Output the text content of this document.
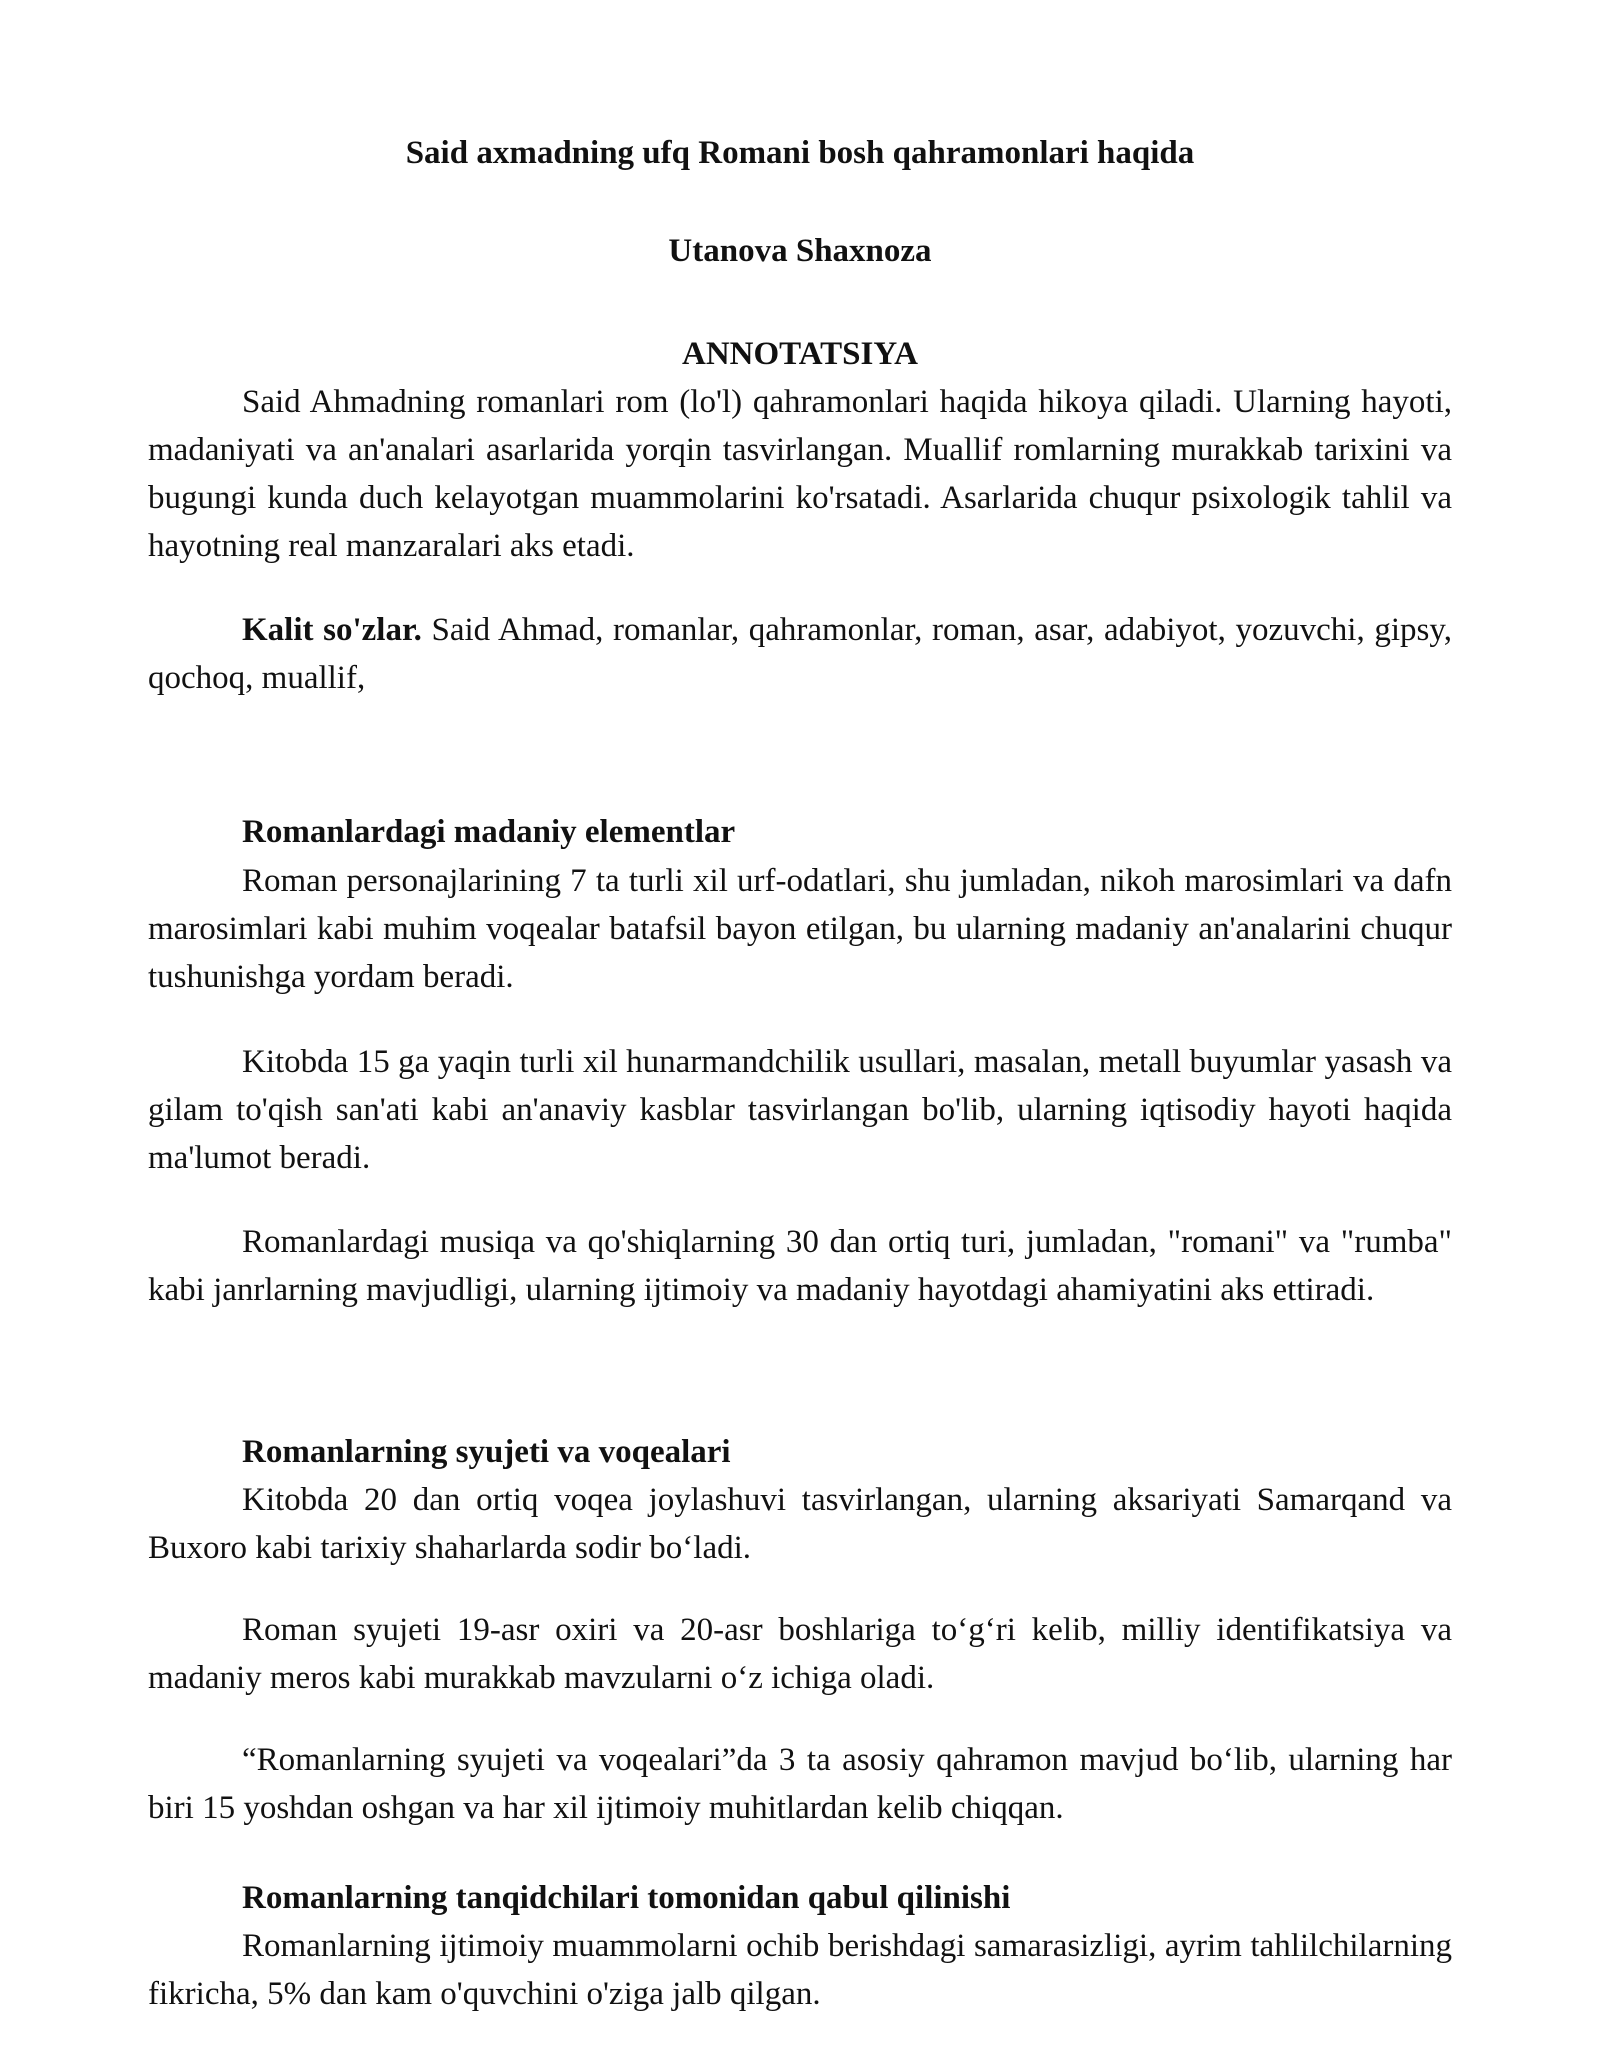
Said axmadning ufq Romani bosh qahramonlari haqida
Utanova Shaxnoza
ANNOTATSIYA
Said Ahmadning romanlari rom (lo'l) qahramonlari haqida hikoya qiladi. Ularning hayoti, madaniyati va an'analari asarlarida yorqin tasvirlangan. Muallif romlarning murakkab tarixini va bugungi kunda duch kelayotgan muammolarini ko'rsatadi. Asarlarida chuqur psixologik tahlil va hayotning real manzaralari aks etadi.
Kalit so'zlar. Said Ahmad, romanlar, qahramonlar, roman, asar, adabiyot, yozuvchi, gipsy, qochoq, muallif,
Romanlardagi madaniy elementlar
Roman personajlarining 7 ta turli xil urf-odatlari, shu jumladan, nikoh marosimlari va dafn marosimlari kabi muhim voqealar batafsil bayon etilgan, bu ularning madaniy an'analarini chuqur tushunishga yordam beradi.
Kitobda 15 ga yaqin turli xil hunarmandchilik usullari, masalan, metall buyumlar yasash va gilam to'qish san'ati kabi an'anaviy kasblar tasvirlangan bo'lib, ularning iqtisodiy hayoti haqida ma'lumot beradi.
Romanlardagi musiqa va qo'shiqlarning 30 dan ortiq turi, jumladan, "romani" va "rumba" kabi janrlarning mavjudligi, ularning ijtimoiy va madaniy hayotdagi ahamiyatini aks ettiradi.
Romanlarning syujeti va voqealari
Kitobda 20 dan ortiq voqea joylashuvi tasvirlangan, ularning aksariyati Samarqand va Buxoro kabi tarixiy shaharlarda sodir bo‘ladi.
Roman syujeti 19-asr oxiri va 20-asr boshlariga to‘g‘ri kelib, milliy identifikatsiya va madaniy meros kabi murakkab mavzularni o‘z ichiga oladi.
“Romanlarning syujeti va voqealari”da 3 ta asosiy qahramon mavjud bo‘lib, ularning har biri 15 yoshdan oshgan va har xil ijtimoiy muhitlardan kelib chiqqan.
Romanlarning tanqidchilari tomonidan qabul qilinishi
Romanlarning ijtimoiy muammolarni ochib berishdagi samarasizligi, ayrim tahlilchilarning fikricha, 5% dan kam o'quvchini o'ziga jalb qilgan.
